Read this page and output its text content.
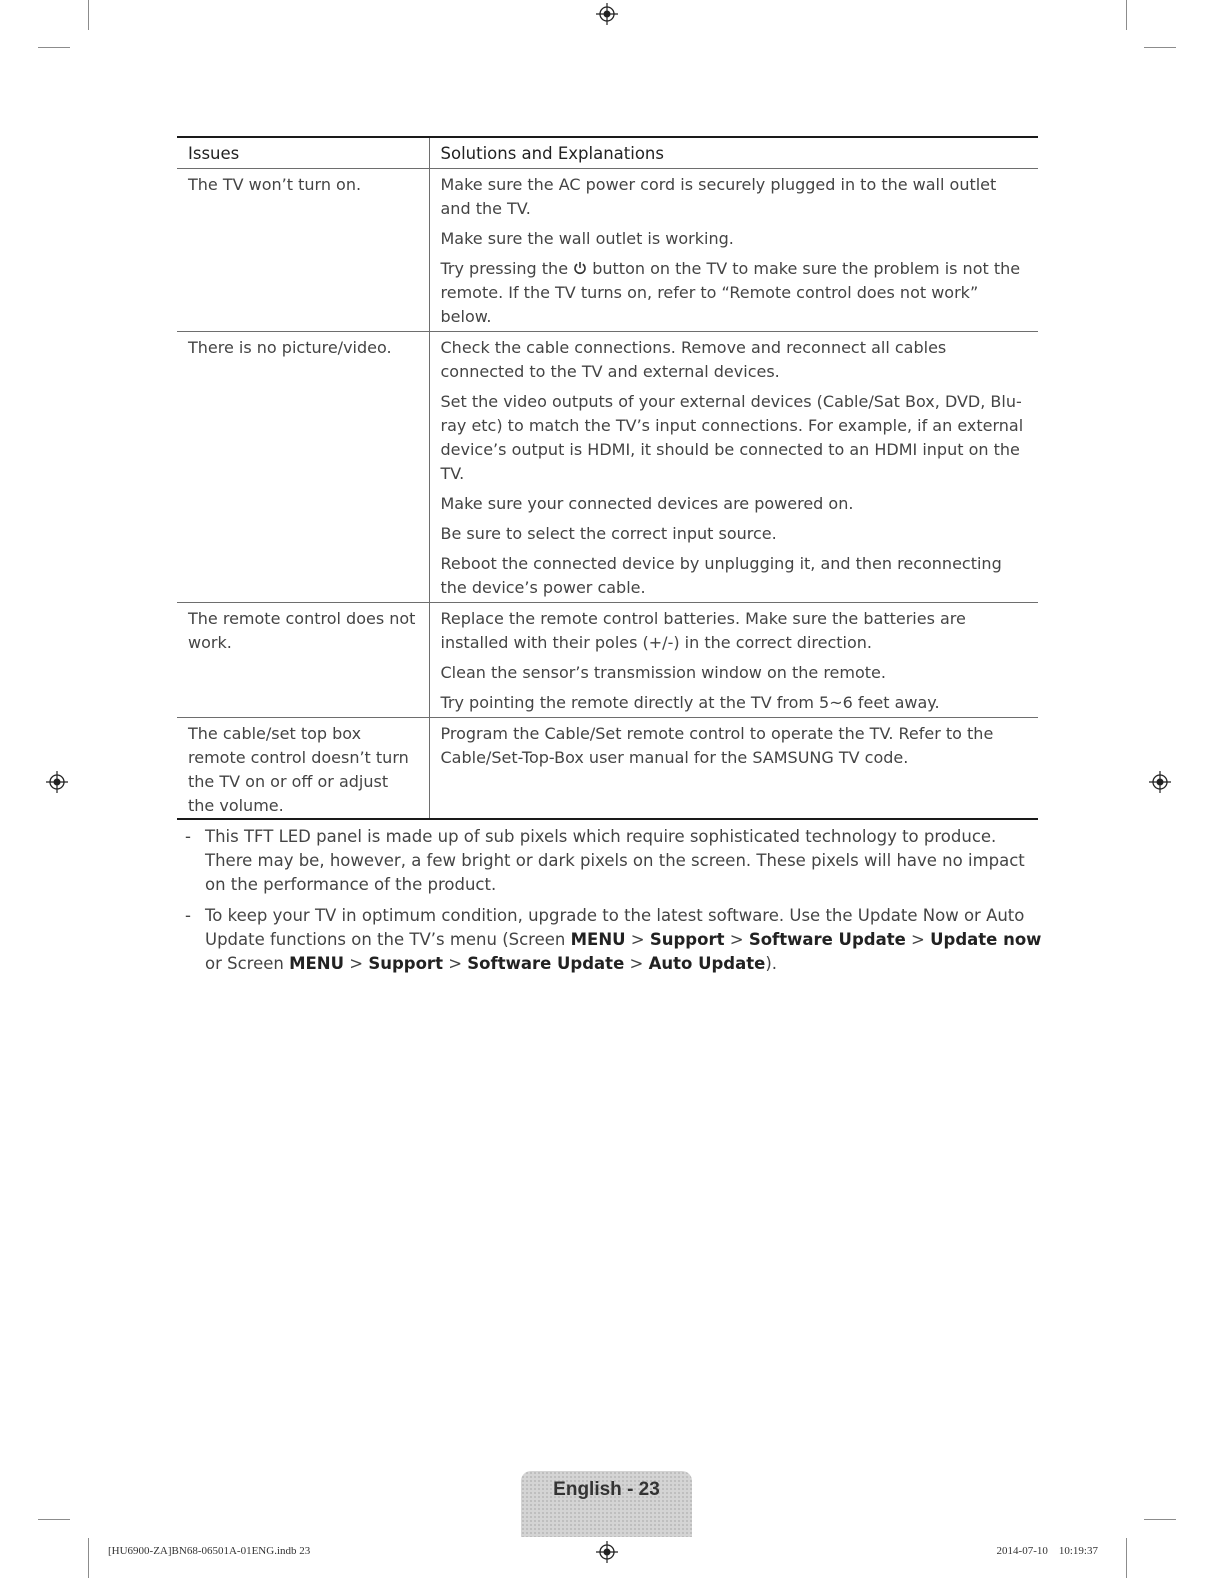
Issues	Solutions and Explanations
The TV won’t turn on.	Make sure the AC power cord is securely plugged in to the wall outlet and the TV.

Make sure the wall outlet is working.

Try pressing the button on the TV to make sure the problem is not the remote. If the TV turns on, refer to “Remote control does not work” below.

There is no picture/video.	Check the cable connections. Remove and reconnect all cables connected to the TV and external devices.

Set the video outputs of your external devices (Cable/Sat Box, DVD, Blu-ray etc) to match the TV’s input connections. For example, if an external device’s output is HDMI, it should be connected to an HDMI input on the TV.

Make sure your connected devices are powered on.

Be sure to select the correct input source.

Reboot the connected device by unplugging it, and then reconnecting the device’s power cable.

The remote control does not work.	Replace the remote control batteries. Make sure the batteries are installed with their poles (+/-) in the correct direction.

Clean the sensor’s transmission window on the remote.

Try pointing the remote directly at the TV from 5~6 feet away.

The cable/set top box remote control doesn’t turn the TV on or off or adjust the volume.	Program the Cable/Set remote control to operate the TV. Refer to the Cable/Set-Top-Box user manual for the SAMSUNG TV code.

- This TFT LED panel is made up of sub pixels which require sophisticated technology to produce. There may be, however, a few bright or dark pixels on the screen. These pixels will have no impact on the performance of the product.
- To keep your TV in optimum condition, upgrade to the latest software. Use the Update Now or Auto Update functions on the TV’s menu (Screen MENU > Support > Software Update > Update now or Screen MENU > Support > Software Update > Auto Update).
English - 23
[HU6900-ZA]BN68-06501A-01ENG.indb 23	2014-07-10    10:19:37
